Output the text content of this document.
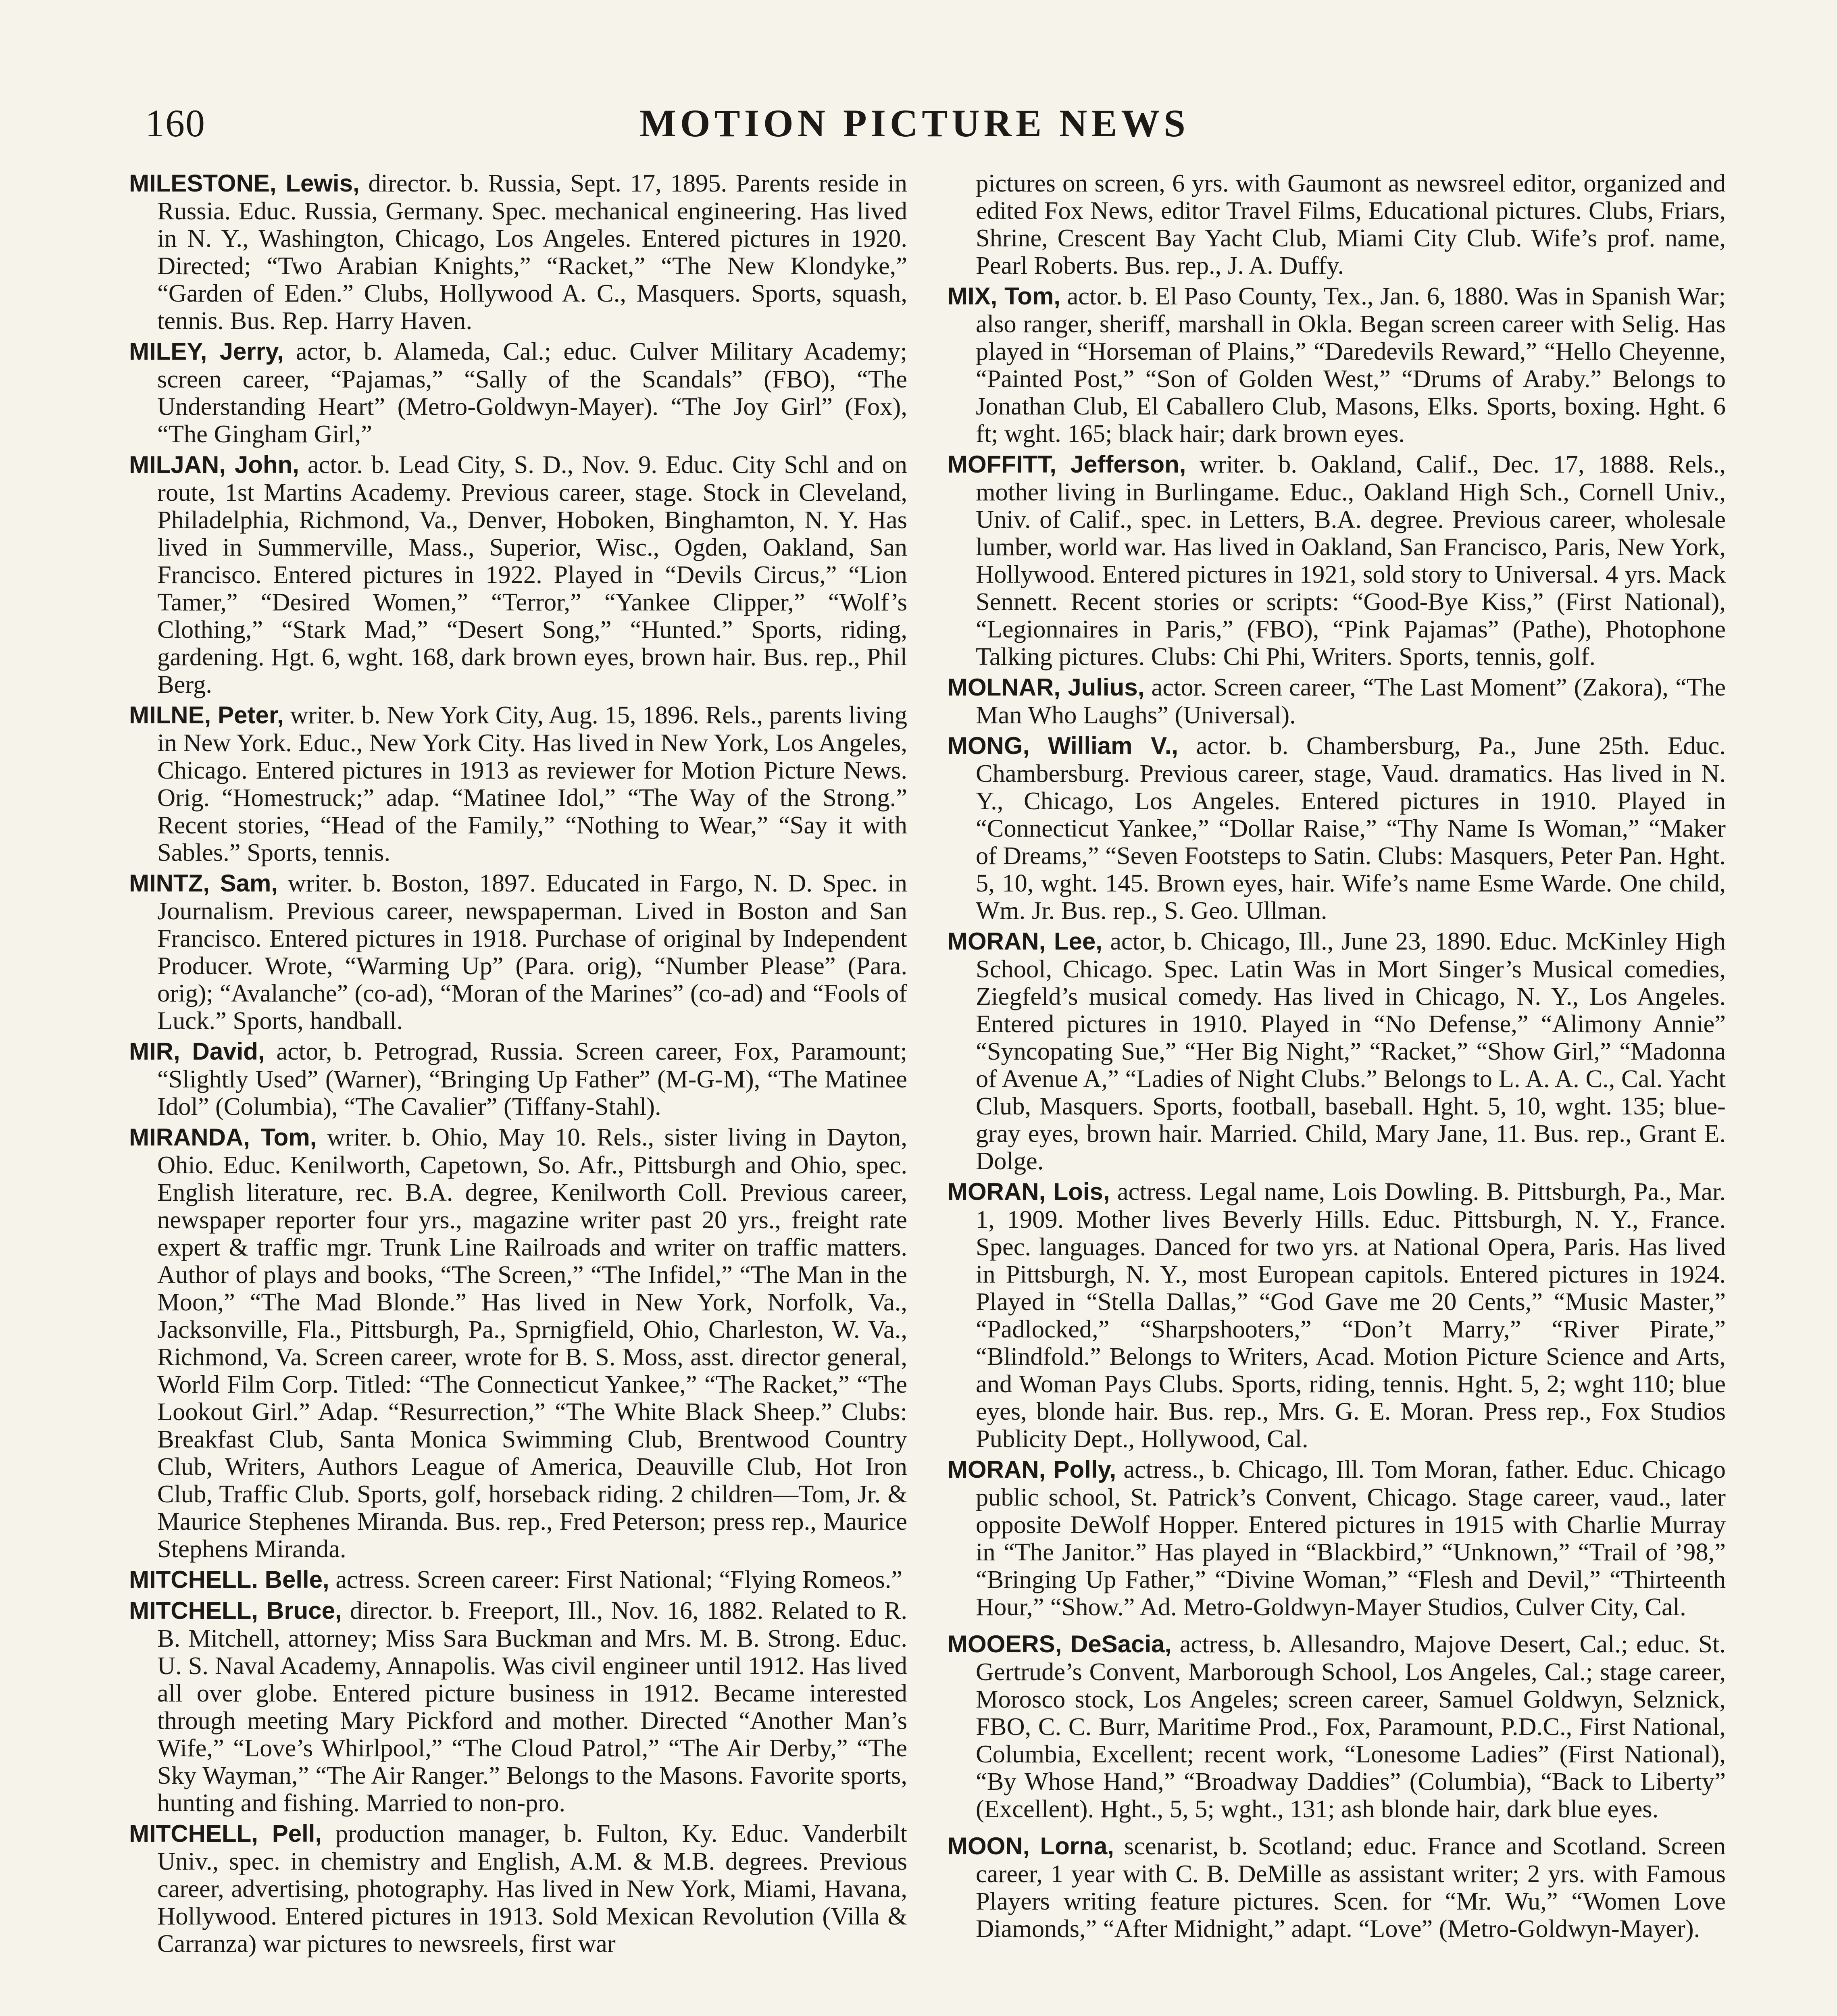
160	MOTION PICTURE NEWS

MILESTONE, Lewis, director. b. Russia, Sept. 17, 1895. Parents reside in Russia. Educ. Russia, Germany. Spec. mechanical engineering. Has lived in N. Y., Washington, Chicago, Los Angeles. Entered pictures in 1920. Directed; “Two Arabian Knights,” “Racket,” “The New Klondyke,” “Garden of Eden.” Clubs, Hollywood A. C., Masquers. Sports, squash, tennis. Bus. Rep. Harry Haven.

MILEY, Jerry, actor, b. Alameda, Cal.; educ. Culver Military Academy; screen career, “Pajamas,” “Sally of the Scandals” (FBO), “The Understanding Heart” (Metro-Goldwyn-Mayer). “The Joy Girl” (Fox), “The Gingham Girl,”

MILJAN, John, actor. b. Lead City, S. D., Nov. 9. Educ. City Schl and on route, 1st Martins Academy. Previous career, stage. Stock in Cleveland, Philadelphia, Richmond, Va., Denver, Hoboken, Binghamton, N. Y. Has lived in Summerville, Mass., Superior, Wisc., Ogden, Oakland, San Francisco. Entered pictures in 1922. Played in “Devils Circus,” “Lion Tamer,” “Desired Women,” “Terror,” “Yankee Clipper,” “Wolf’s Clothing,” “Stark Mad,” “Desert Song,” “Hunted.” Sports, riding, gardening. Hgt. 6, wght. 168, dark brown eyes, brown hair. Bus. rep., Phil Berg.

MILNE, Peter, writer. b. New York City, Aug. 15, 1896. Rels., parents living in New York. Educ., New York City. Has lived in New York, Los Angeles, Chicago. Entered pictures in 1913 as reviewer for Motion Picture News. Orig. “Homestruck;” adap. “Matinee Idol,” “The Way of the Strong.” Recent stories, “Head of the Family,” “Nothing to Wear,” “Say it with Sables.” Sports, tennis.

MINTZ, Sam, writer. b. Boston, 1897. Educated in Fargo, N. D. Spec. in Journalism. Previous career, newspaperman. Lived in Boston and San Francisco. Entered pictures in 1918. Purchase of original by Independent Producer. Wrote, “Warming Up” (Para. orig), “Number Please” (Para. orig); “Avalanche” (co-ad), “Moran of the Marines” (co-ad) and “Fools of Luck.” Sports, handball.

MIR, David, actor, b. Petrograd, Russia. Screen career, Fox, Paramount; “Slightly Used” (Warner), “Bringing Up Father” (M-G-M), “The Matinee Idol” (Columbia), “The Cavalier” (Tiffany-Stahl).

MIRANDA, Tom, writer. b. Ohio, May 10. Rels., sister living in Dayton, Ohio. Educ. Kenilworth, Capetown, So. Afr., Pittsburgh and Ohio, spec. English literature, rec. B.A. degree, Kenilworth Coll. Previous career, newspaper reporter four yrs., magazine writer past 20 yrs., freight rate expert & traffic mgr. Trunk Line Railroads and writer on traffic matters. Author of plays and books, “The Screen,” “The Infidel,” “The Man in the Moon,” “The Mad Blonde.” Has lived in New York, Norfolk, Va., Jacksonville, Fla., Pittsburgh, Pa., Sprnigfield, Ohio, Charleston, W. Va., Richmond, Va. Screen career, wrote for B. S. Moss, asst. director general, World Film Corp. Titled: “The Connecticut Yankee,” “The Racket,” “The Lookout Girl.” Adap. “Resurrection,” “The White Black Sheep.” Clubs: Breakfast Club, Santa Monica Swimming Club, Brentwood Country Club, Writers, Authors League of America, Deauville Club, Hot Iron Club, Traffic Club. Sports, golf, horseback riding. 2 children—Tom, Jr. & Maurice Stephenes Miranda. Bus. rep., Fred Peterson; press rep., Maurice Stephens Miranda.

MITCHELL. Belle, actress. Screen career: First National; “Flying Romeos.”

MITCHELL, Bruce, director. b. Freeport, Ill., Nov. 16, 1882. Related to R. B. Mitchell, attorney; Miss Sara Buckman and Mrs. M. B. Strong. Educ. U. S. Naval Academy, Annapolis. Was civil engineer until 1912. Has lived all over globe. Entered picture business in 1912. Became interested through meeting Mary Pickford and mother. Directed “Another Man’s Wife,” “Love’s Whirlpool,” “The Cloud Patrol,” “The Air Derby,” “The Sky Wayman,” “The Air Ranger.” Belongs to the Masons. Favorite sports, hunting and fishing. Married to non-pro.

MITCHELL, Pell, production manager, b. Fulton, Ky. Educ. Vanderbilt Univ., spec. in chemistry and English, A.M. & M.B. degrees. Previous career, advertising, photography. Has lived in New York, Miami, Havana, Hollywood. Entered pictures in 1913. Sold Mexican Revolution (Villa & Carranza) war pictures to newsreels, first war

pictures on screen, 6 yrs. with Gaumont as newsreel editor, organized and edited Fox News, editor Travel Films, Educational pictures. Clubs, Friars, Shrine, Crescent Bay Yacht Club, Miami City Club. Wife’s prof. name, Pearl Roberts. Bus. rep., J. A. Duffy.

MIX, Tom, actor. b. El Paso County, Tex., Jan. 6, 1880. Was in Spanish War; also ranger, sheriff, marshall in Okla. Began screen career with Selig. Has played in “Horseman of Plains,” “Daredevils Reward,” “Hello Cheyenne, “Painted Post,” “Son of Golden West,” “Drums of Araby.” Belongs to Jonathan Club, El Caballero Club, Masons, Elks. Sports, boxing. Hght. 6 ft; wght. 165; black hair; dark brown eyes.

MOFFITT, Jefferson, writer. b. Oakland, Calif., Dec. 17, 1888. Rels., mother living in Burlingame. Educ., Oakland High Sch., Cornell Univ., Univ. of Calif., spec. in Letters, B.A. degree. Previous career, wholesale lumber, world war. Has lived in Oakland, San Francisco, Paris, New York, Hollywood. Entered pictures in 1921, sold story to Universal. 4 yrs. Mack Sennett. Recent stories or scripts: “Good-Bye Kiss,” (First National), “Legionnaires in Paris,” (FBO), “Pink Pajamas” (Pathe), Photophone Talking pictures. Clubs: Chi Phi, Writers. Sports, tennis, golf.

MOLNAR, Julius, actor. Screen career, “The Last Moment” (Zakora), “The Man Who Laughs” (Universal).

MONG, William V., actor. b. Chambersburg, Pa., June 25th. Educ. Chambersburg. Previous career, stage, Vaud. dramatics. Has lived in N. Y., Chicago, Los Angeles. Entered pictures in 1910. Played in “Connecticut Yankee,” “Dollar Raise,” “Thy Name Is Woman,” “Maker of Dreams,” “Seven Footsteps to Satin. Clubs: Masquers, Peter Pan. Hght. 5, 10, wght. 145. Brown eyes, hair. Wife’s name Esme Warde. One child, Wm. Jr. Bus. rep., S. Geo. Ullman.

MORAN, Lee, actor, b. Chicago, Ill., June 23, 1890. Educ. McKinley High School, Chicago. Spec. Latin Was in Mort Singer’s Musical comedies, Ziegfeld’s musical comedy. Has lived in Chicago, N. Y., Los Angeles. Entered pictures in 1910. Played in “No Defense,” “Alimony Annie” “Syncopating Sue,” “Her Big Night,” “Racket,” “Show Girl,” “Madonna of Avenue A,” “Ladies of Night Clubs.” Belongs to L. A. A. C., Cal. Yacht Club, Masquers. Sports, football, baseball. Hght. 5, 10, wght. 135; blue-gray eyes, brown hair. Married. Child, Mary Jane, 11. Bus. rep., Grant E. Dolge.

MORAN, Lois, actress. Legal name, Lois Dowling. B. Pittsburgh, Pa., Mar. 1, 1909. Mother lives Beverly Hills. Educ. Pittsburgh, N. Y., France. Spec. languages. Danced for two yrs. at National Opera, Paris. Has lived in Pittsburgh, N. Y., most European capitols. Entered pictures in 1924. Played in “Stella Dallas,” “God Gave me 20 Cents,” “Music Master,” “Padlocked,” “Sharpshooters,” “Don’t Marry,” “River Pirate,” “Blindfold.” Belongs to Writers, Acad. Motion Picture Science and Arts, and Woman Pays Clubs. Sports, riding, tennis. Hght. 5, 2; wght 110; blue eyes, blonde hair. Bus. rep., Mrs. G. E. Moran. Press rep., Fox Studios Publicity Dept., Hollywood, Cal.

MORAN, Polly, actress., b. Chicago, Ill. Tom Moran, father. Educ. Chicago public school, St. Patrick’s Convent, Chicago. Stage career, vaud., later opposite DeWolf Hopper. Entered pictures in 1915 with Charlie Murray in “The Janitor.” Has played in “Blackbird,” “Unknown,” “Trail of ’98,” “Bringing Up Father,” “Divine Woman,” “Flesh and Devil,” “Thirteenth Hour,” “Show.” Ad. Metro-Goldwyn-Mayer Studios, Culver City, Cal.

MOOERS, DeSacia, actress, b. Allesandro, Majove Desert, Cal.; educ. St. Gertrude’s Convent, Marborough School, Los Angeles, Cal.; stage career, Morosco stock, Los Angeles; screen career, Samuel Goldwyn, Selznick, FBO, C. C. Burr, Maritime Prod., Fox, Paramount, P.D.C., First National, Columbia, Excellent; recent work, “Lonesome Ladies” (First National), “By Whose Hand,” “Broadway Daddies” (Columbia), “Back to Liberty” (Excellent). Hght., 5, 5; wght., 131; ash blonde hair, dark blue eyes.

MOON, Lorna, scenarist, b. Scotland; educ. France and Scotland. Screen career, 1 year with C. B. DeMille as assistant writer; 2 yrs. with Famous Players writing feature pictures. Scen. for “Mr. Wu,” “Women Love Diamonds,” “After Midnight,” adapt. “Love” (Metro-Goldwyn-Mayer).
